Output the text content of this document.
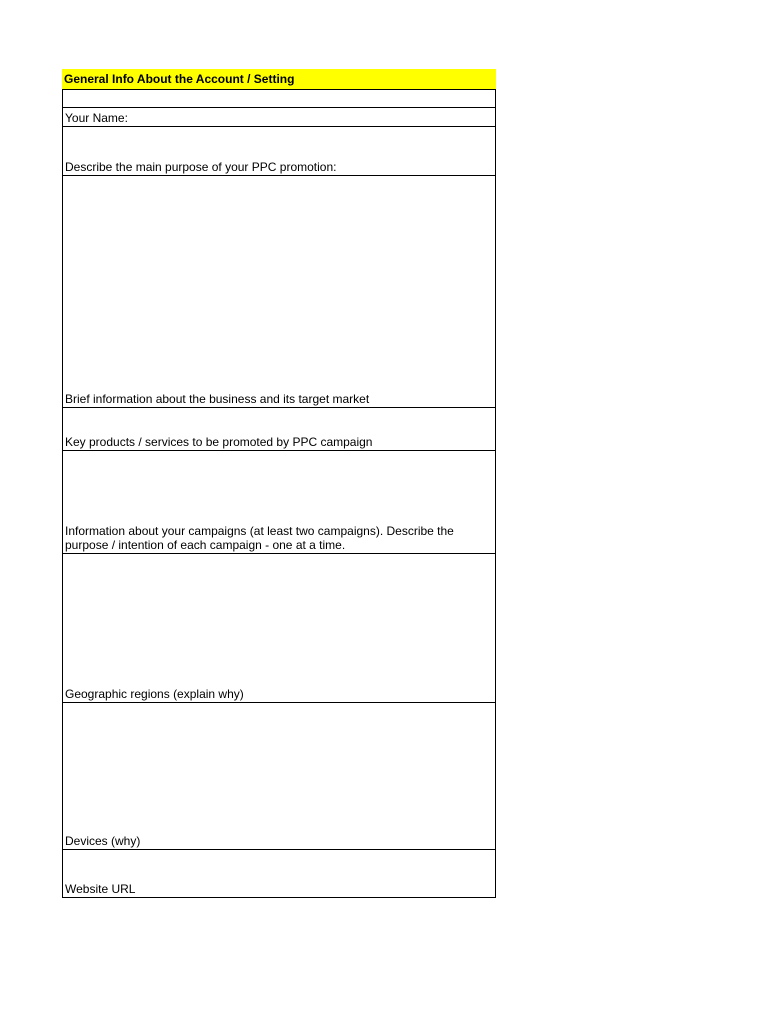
General Info About the Account / Setting
Your Name:
Describe the main purpose of your PPC promotion:
Brief information about the business and its target market
Key products / services to be promoted by PPC campaign
Information about your campaigns (at least two campaigns). Describe the purpose / intention of each campaign - one at a time.
Geographic regions (explain why)
Devices (why)
Website URL
